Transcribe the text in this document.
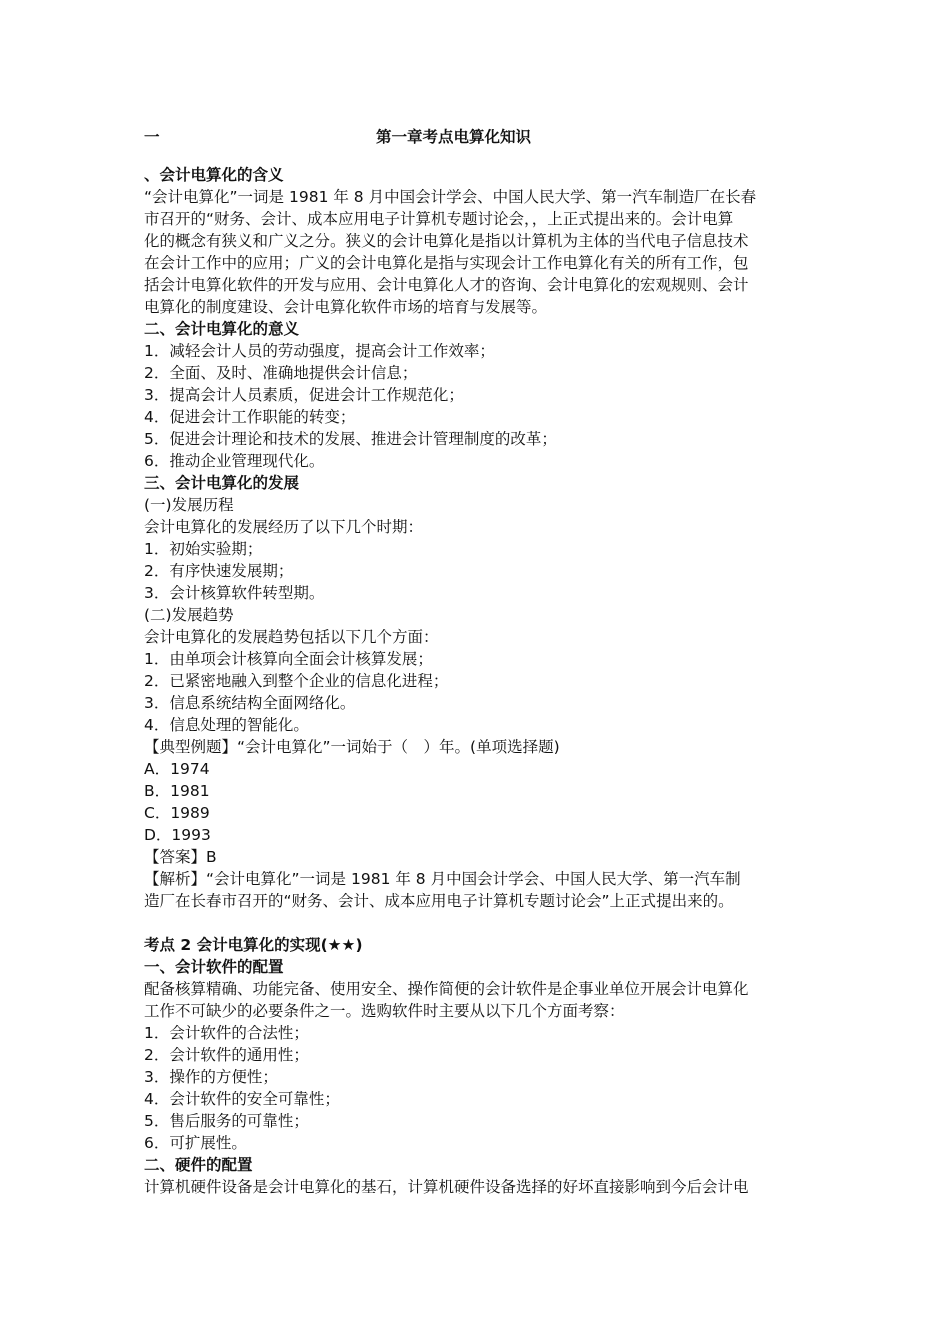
一	第一章考点电算化知识

、会计电算化的含义

“会计电算化”一词是 1981 年 8 月中国会计学会、中国人民大学、第一汽车制造厂在长春

市召开的“财务、会计、成本应用电子计算机专题讨论会，，上正式提出来的。会计电算

化的概念有狭义和广义之分。狭义的会计电算化是指以计算机为主体的当代电子信息技术

在会计工作中的应用；广义的会计电算化是指与实现会计工作电算化有关的所有工作，包

括会计电算化软件的开发与应用、会计电算化人才的咨询、会计电算化的宏观规则、会计

电算化的制度建设、会计电算化软件市场的培育与发展等。

二、会计电算化的意义

1．减轻会计人员的劳动强度，提高会计工作效率；

2．全面、及时、准确地提供会计信息；

3．提高会计人员素质，促进会计工作规范化；

4．促进会计工作职能的转变；

5．促进会计理论和技术的发展、推进会计管理制度的改革；

6．推动企业管理现代化。

三、会计电算化的发展

(一)发展历程

会计电算化的发展经历了以下几个时期：

1．初始实验期；

2．有序快速发展期；

3．会计核算软件转型期。

(二)发展趋势

会计电算化的发展趋势包括以下几个方面：

1．由单项会计核算向全面会计核算发展；

2．已紧密地融入到整个企业的信息化进程；

3．信息系统结构全面网络化。

4．信息处理的智能化。

【典型例题】“会计电算化”一词始于（　）年。(单项选择题)

A．1974

B．1981

C．1989

D．1993

【答案】B

【解析】“会计电算化”一词是 1981 年 8 月中国会计学会、中国人民大学、第一汽车制

造厂在长春市召开的“财务、会计、成本应用电子计算机专题讨论会”上正式提出来的。

考点 2 会计电算化的实现(★★)

一、会计软件的配置

配备核算精确、功能完备、使用安全、操作简便的会计软件是企事业单位开展会计电算化

工作不可缺少的必要条件之一。选购软件时主要从以下几个方面考察：

1．会计软件的合法性；

2．会计软件的通用性；

3．操作的方便性；

4．会计软件的安全可靠性；

5．售后服务的可靠性；

6．可扩展性。

二、硬件的配置

计算机硬件设备是会计电算化的基石，计算机硬件设备选择的好坏直接影响到今后会计电
